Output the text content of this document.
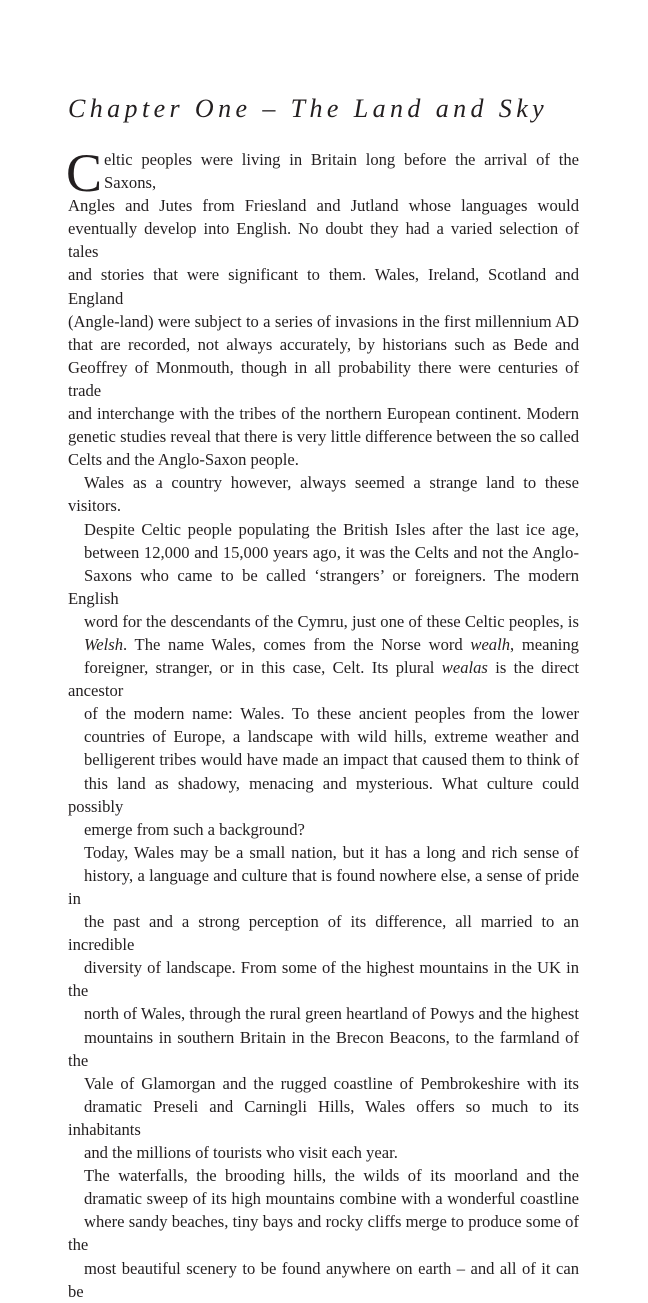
Chapter One – The Land and Sky

C eltic peoples were living in Britain long before the arrival of the Saxons,
Angles and Jutes from Friesland and Jutland whose languages would
eventually develop into English. No doubt they had a varied selection of tales
and stories that were significant to them. Wales, Ireland, Scotland and England
(Angle-land) were subject to a series of invasions in the first millennium AD
that are recorded, not always accurately, by historians such as Bede and
Geoffrey of Monmouth, though in all probability there were centuries of trade
and interchange with the tribes of the northern European continent. Modern
genetic studies reveal that there is very little difference between the so called
Celts and the Anglo-Saxon people.

Wales as a country however, always seemed a strange land to these visitors.
Despite Celtic people populating the British Isles after the last ice age,
between 12,000 and 15,000 years ago, it was the Celts and not the Anglo-
Saxons who came to be called ‘strangers’ or foreigners. The modern English
word for the descendants of the Cymru, just one of these Celtic peoples, is
Welsh. The name Wales, comes from the Norse word wealh, meaning
foreigner, stranger, or in this case, Celt. Its plural wealas is the direct ancestor
of the modern name: Wales. To these ancient peoples from the lower
countries of Europe, a landscape with wild hills, extreme weather and
belligerent tribes would have made an impact that caused them to think of
this land as shadowy, menacing and mysterious. What culture could possibly
emerge from such a background?

Today, Wales may be a small nation, but it has a long and rich sense of
history, a language and culture that is found nowhere else, a sense of pride in
the past and a strong perception of its difference, all married to an incredible
diversity of landscape. From some of the highest mountains in the UK in the
north of Wales, through the rural green heartland of Powys and the highest
mountains in southern Britain in the Brecon Beacons, to the farmland of the
Vale of Glamorgan and the rugged coastline of Pembrokeshire with its
dramatic Preseli and Carningli Hills, Wales offers so much to its inhabitants
and the millions of tourists who visit each year.

The waterfalls, the brooding hills, the wilds of its moorland and the
dramatic sweep of its high mountains combine with a wonderful coastline
where sandy beaches, tiny bays and rocky cliffs merge to produce some of the
most beautiful scenery to be found anywhere on earth – and all of it can be
